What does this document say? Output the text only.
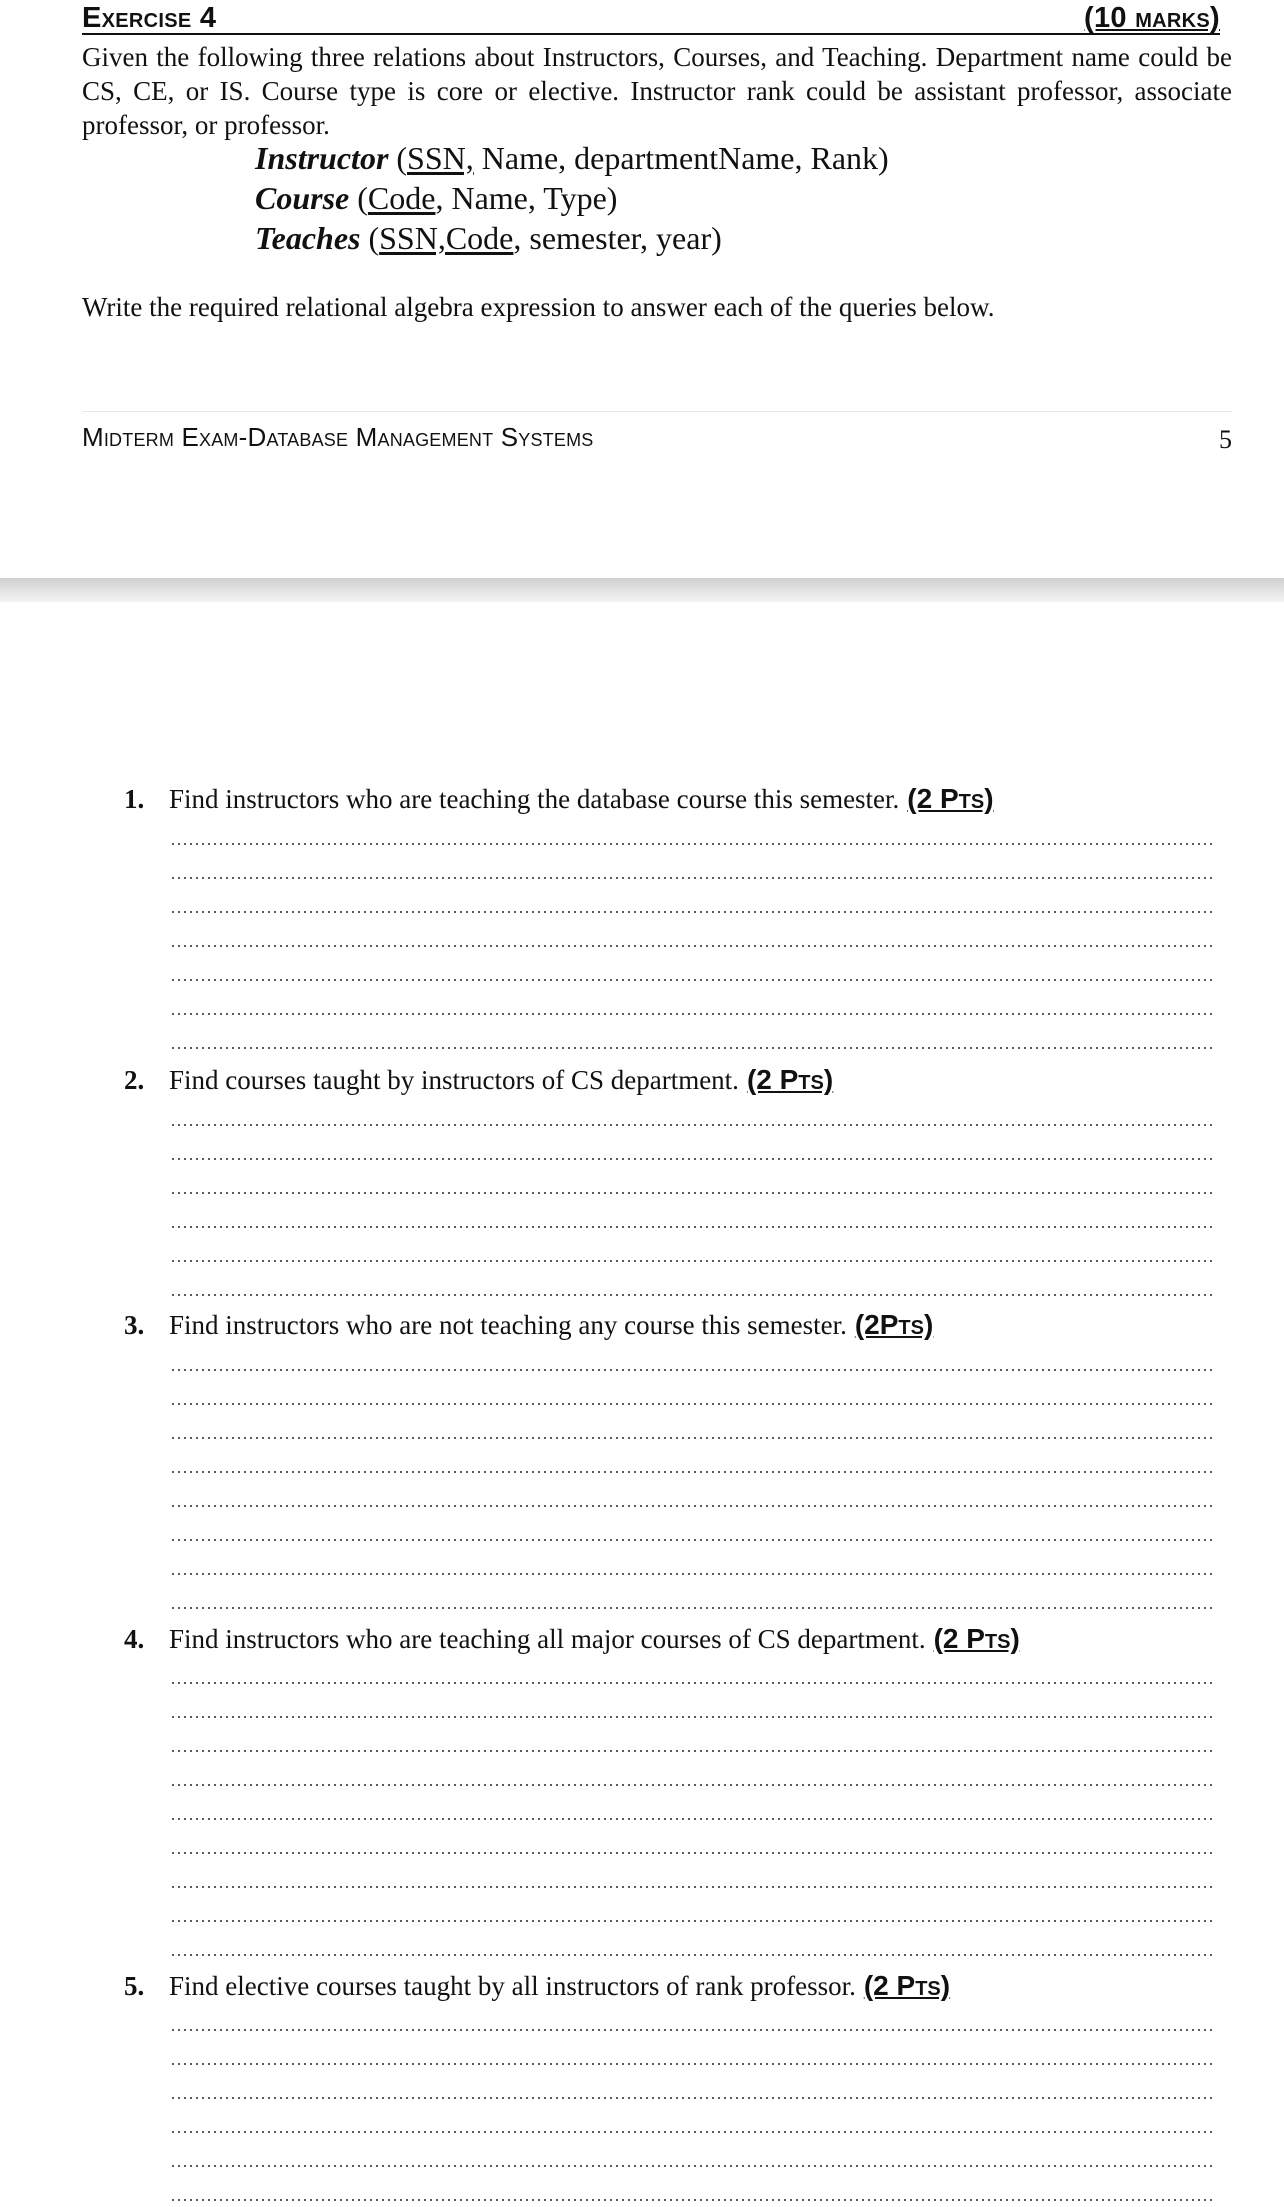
Exercise 4	(10 marks)
Given the following three relations about Instructors, Courses, and Teaching. Department name could be CS, CE, or IS. Course type is core or elective. Instructor rank could be assistant professor, associate professor, or professor.
Instructor (SSN, Name, departmentName, Rank)
Course (Code, Name, Type)
Teaches (SSN,Code, semester, year)
Write the required relational algebra expression to answer each of the queries below.
Midterm Exam-Database Management Systems	5
1. Find instructors who are teaching the database course this semester. (2 Pts)
2. Find courses taught by instructors of CS department. (2 Pts)
3. Find instructors who are not teaching any course this semester. (2Pts)
4. Find instructors who are teaching all major courses of CS department. (2 Pts)
5. Find elective courses taught by all instructors of rank professor. (2 Pts)
